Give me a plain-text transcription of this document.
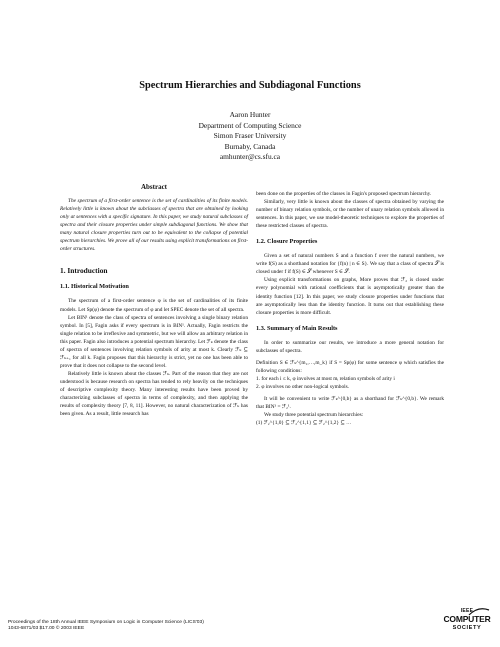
Spectrum Hierarchies and Subdiagonal Functions
Aaron Hunter
Department of Computing Science
Simon Fraser University
Burnaby, Canada
amhunter@cs.sfu.ca
Abstract

The spectrum of a first-order sentence is the set of cardinalities of its finite models. Relatively little is known about the subclasses of spectra that are obtained by looking only at sentences with a specific signature. In this paper, we study natural subclasses of spectra and their closure properties under simple subdiagonal functions. We show that many natural closure properties turn out to be equivalent to the collapse of potential spectrum hierarchies. We prove all of our results using explicit transformations on first-order structures.

1. Introduction
1.1. Historical Motivation

The spectrum of a first-order sentence φ is the set of cardinalities of its finite models. Let Sp(φ) denote the spectrum of φ and let SPEC denote the set of all spectra.

Let BIN¹ denote the class of spectra of sentences involving a single binary relation symbol. In [5], Fagin asks if every spectrum is in BIN¹. Actually, Fagin restricts the single relation to be irreflexive and symmetric, but we will allow an arbitrary relation in this paper. Fagin also introduces a potential spectrum hierarchy. Let ℱₖ denote the class of spectra of sentences involving relation symbols of arity at most k. Clearly ℱₖ ⊆ ℱₖ₊₁ for all k. Fagin proposes that this hierarchy is strict, yet no one has been able to prove that it does not collapse to the second level.

Relatively little is known about the classes ℱₖ. Part of the reason that they are not understood is because research on spectra has tended to rely heavily on the techniques of descriptive complexity theory. Many interesting results have been proved by characterizing subclasses of spectra in terms of complexity, and then applying the results of complexity theory [7, 8, 11]. However, no natural characterization of ℱₖ has been given. As a result, little research has

been done on the properties of the classes in Fagin's proposed spectrum hierarchy.

Similarly, very little is known about the classes of spectra obtained by varying the number of binary relation symbols, or the number of unary relation symbols allowed in sentences. In this paper, we use model-theoretic techniques to explore the properties of these restricted classes of spectra.

1.2. Closure Properties

Given a set of natural numbers S and a function f over the natural numbers, we write f(S) as a shorthand notation for {f(n) | n ∈ S}. We say that a class of spectra 𝒮 is closed under f if f(S) ∈ 𝒮 whenever S ∈ 𝒮.

Using explicit transformations on graphs, More proves that ℱ₂ is closed under every polynomial with rational coefficients that is asymptotically greater than the identity function [12]. In this paper, we study closure properties under functions that are asymptotically less than the identity function. It turns out that establishing these closure properties is more difficult.

1.3. Summary of Main Results

In order to summarize our results, we introduce a more general notation for subclasses of spectra.

Definition S ∈ ℱₖ^{m₁,…,m_k} if S = Sp(φ) for some sentence φ which satisfies the following conditions:

1. for each i ≤ k, φ involves at most mᵢ relation symbols of arity i

2. φ involves no other non-logical symbols.

It will be convenient to write ℱₖ^{0,b} as a shorthand for ℱₖ^{0,b}. We remark that BIN¹ = ℱ₂¹.

We study three potential spectrum hierarchies:

(1) ℱ₂^{1,0} ⊆ ℱ₂^{1,1} ⊆ ℱ₂^{1,2} ⊆ …

Proceedings of the 18th Annual IEEE Symposium on Logic in Computer Science (LICS'03)
1043-6871/03 $17.00 © 2003 IEEE
IEEE
COMPUTER
SOCIETY
